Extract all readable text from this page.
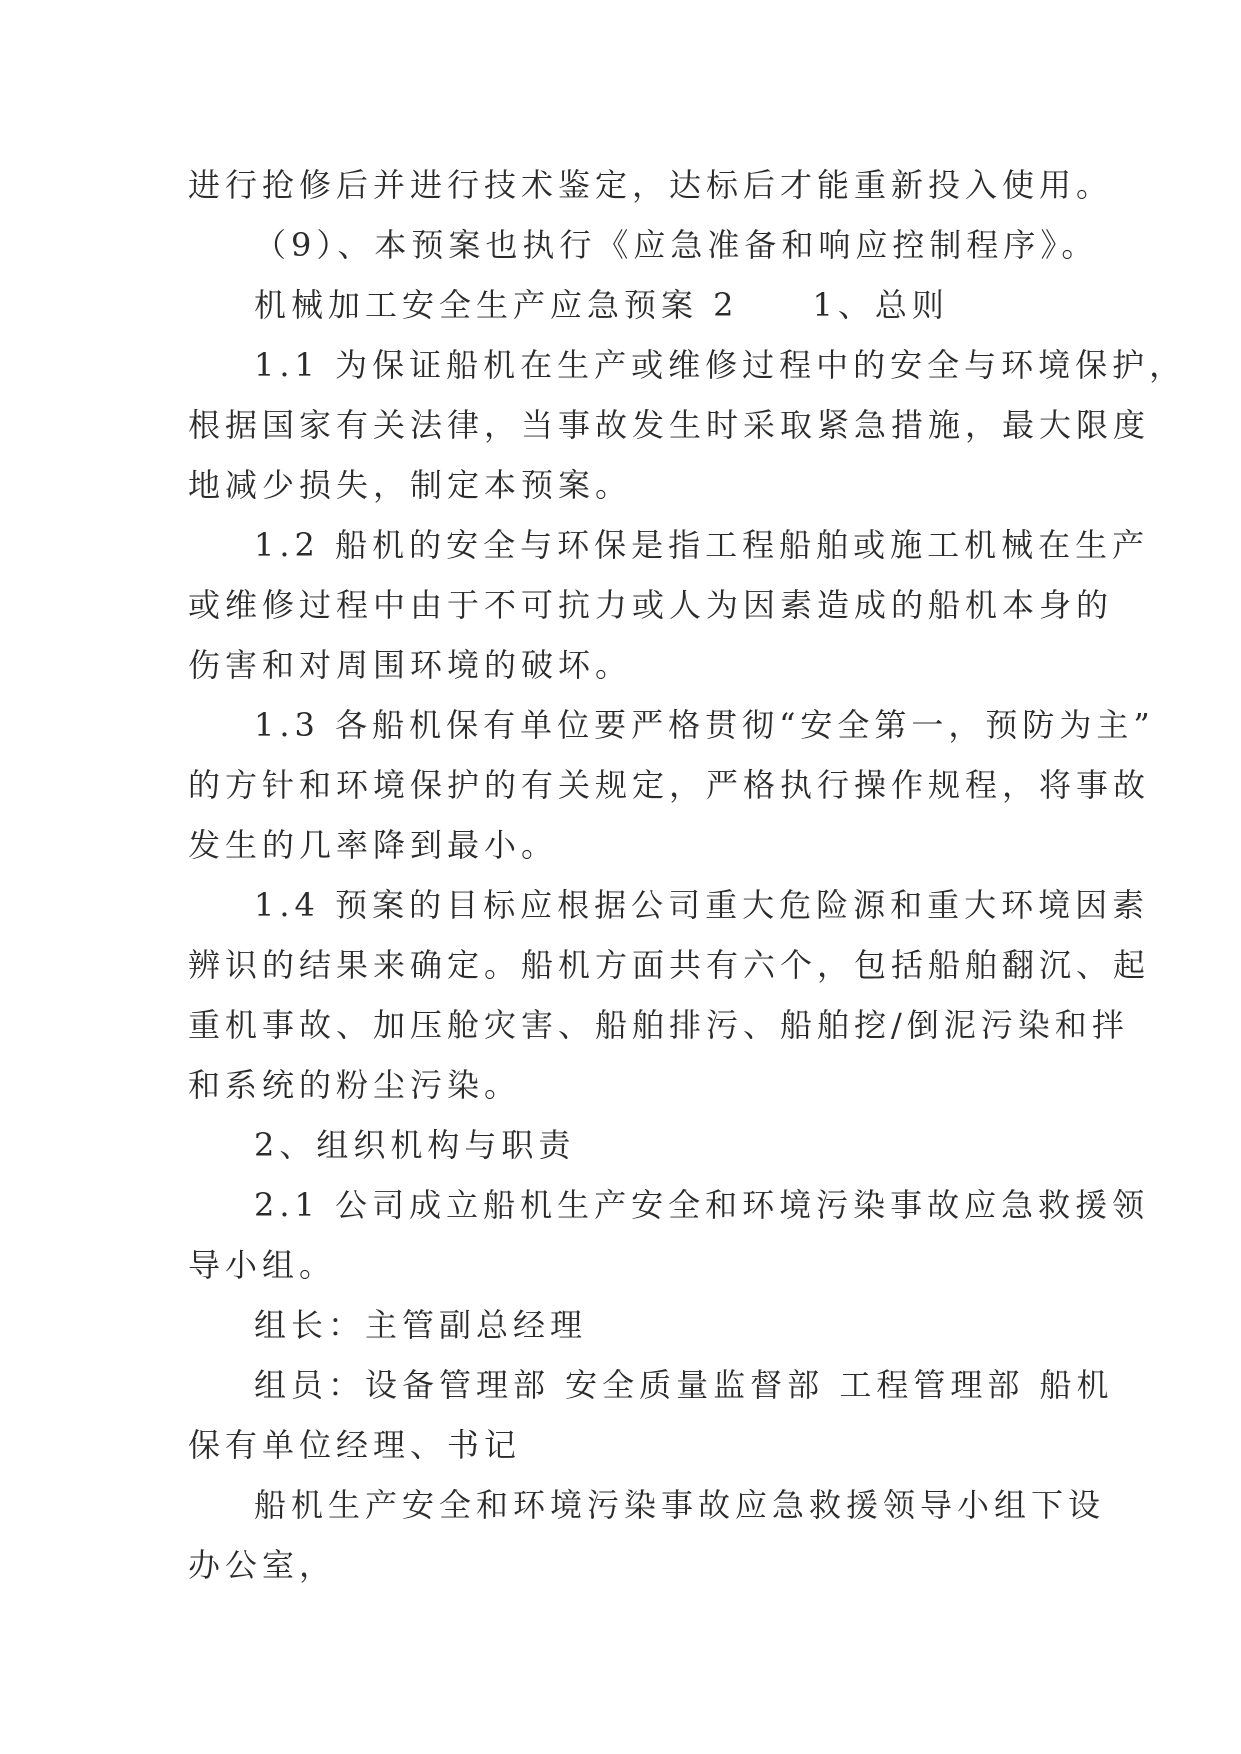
进行抢修后并进行技术鉴定，达标后才能重新投入使用。
（9）、本预案也执行《应急准备和响应控制程序》。
机械加工安全生产应急预案 2　　1、总则
1.1 为保证船机在生产或维修过程中的安全与环境保护，
根据国家有关法律，当事故发生时采取紧急措施，最大限度
地减少损失，制定本预案。
1.2 船机的安全与环保是指工程船舶或施工机械在生产
或维修过程中由于不可抗力或人为因素造成的船机本身的
伤害和对周围环境的破坏。
1.3 各船机保有单位要严格贯彻“安全第一，预防为主”
的方针和环境保护的有关规定，严格执行操作规程，将事故
发生的几率降到最小。
1.4 预案的目标应根据公司重大危险源和重大环境因素
辨识的结果来确定。船机方面共有六个，包括船舶翻沉、起
重机事故、加压舱灾害、船舶排污、船舶挖/倒泥污染和拌
和系统的粉尘污染。
2、组织机构与职责
2.1 公司成立船机生产安全和环境污染事故应急救援领
导小组。
组长：主管副总经理
组员：设备管理部 安全质量监督部 工程管理部 船机
保有单位经理、书记
船机生产安全和环境污染事故应急救援领导小组下设
办公室，
